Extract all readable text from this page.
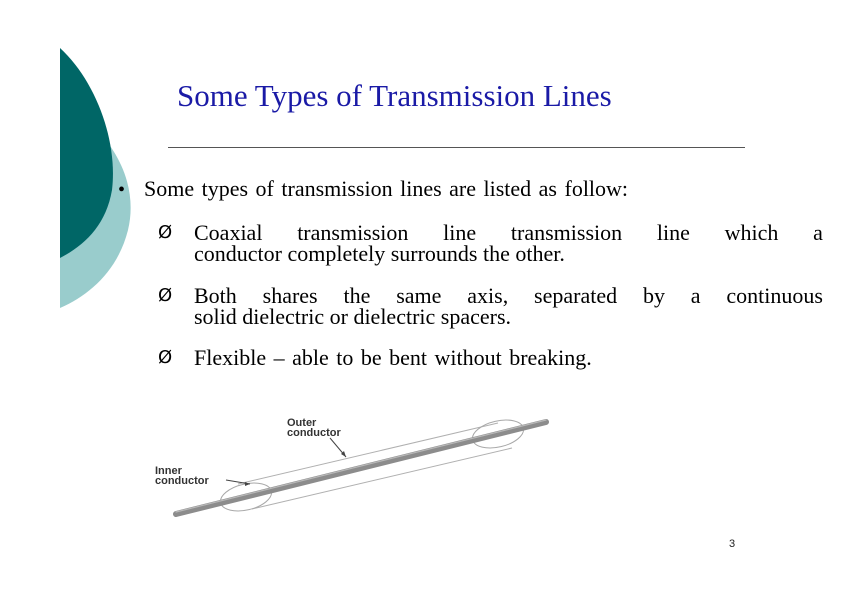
Some Types of Transmission Lines
• Some types of transmission lines are listed as follow:
Ø Coaxial transmission line transmission line which a
conductor completely surrounds the other.
Ø Both shares the same axis, separated by a continuous
solid dielectric or dielectric spacers.
Ø Flexible – able to be bent without breaking.
Outer
conductor
Inner
conductor
3
